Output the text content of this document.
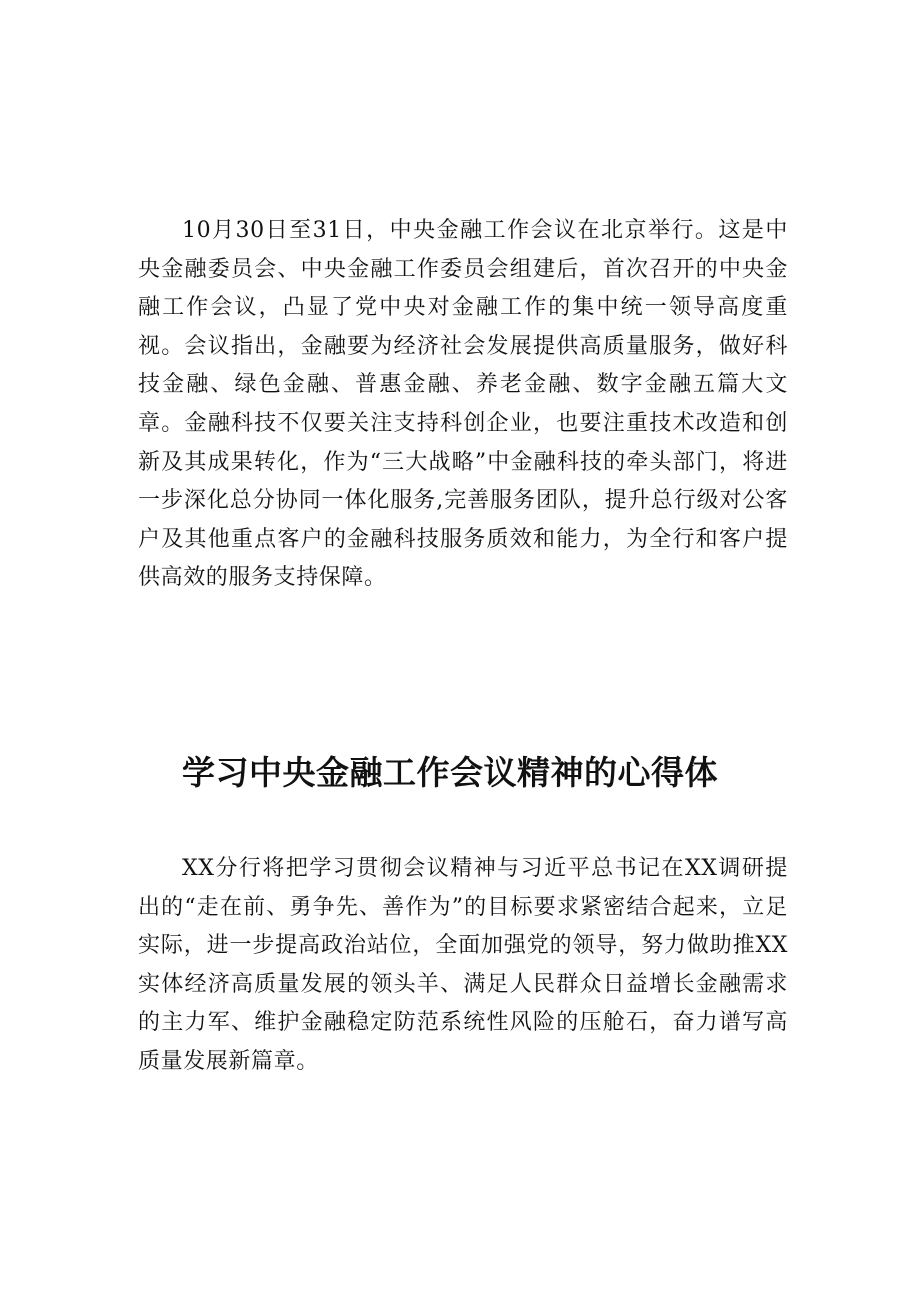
10月30日至31日，中央金融工作会议在北京举行。这是中央金融委员会、中央金融工作委员会组建后，首次召开的中央金融工作会议，凸显了党中央对金融工作的集中统一领导高度重视。会议指出，金融要为经济社会发展提供高质量服务，做好科技金融、绿色金融、普惠金融、养老金融、数字金融五篇大文章。金融科技不仅要关注支持科创企业，也要注重技术改造和创新及其成果转化，作为“三大战略”中金融科技的牵头部门，将进一步深化总分协同一体化服务,完善服务团队，提升总行级对公客户及其他重点客户的金融科技服务质效和能力，为全行和客户提供高效的服务支持保障。

学习中央金融工作会议精神的心得体

XX分行将把学习贯彻会议精神与习近平总书记在XX调研提出的“走在前、勇争先、善作为”的目标要求紧密结合起来，立足实际，进一步提高政治站位，全面加强党的领导，努力做助推XX实体经济高质量发展的领头羊、满足人民群众日益增长金融需求的主力军、维护金融稳定防范系统性风险的压舱石，奋力谱写高质量发展新篇章。
